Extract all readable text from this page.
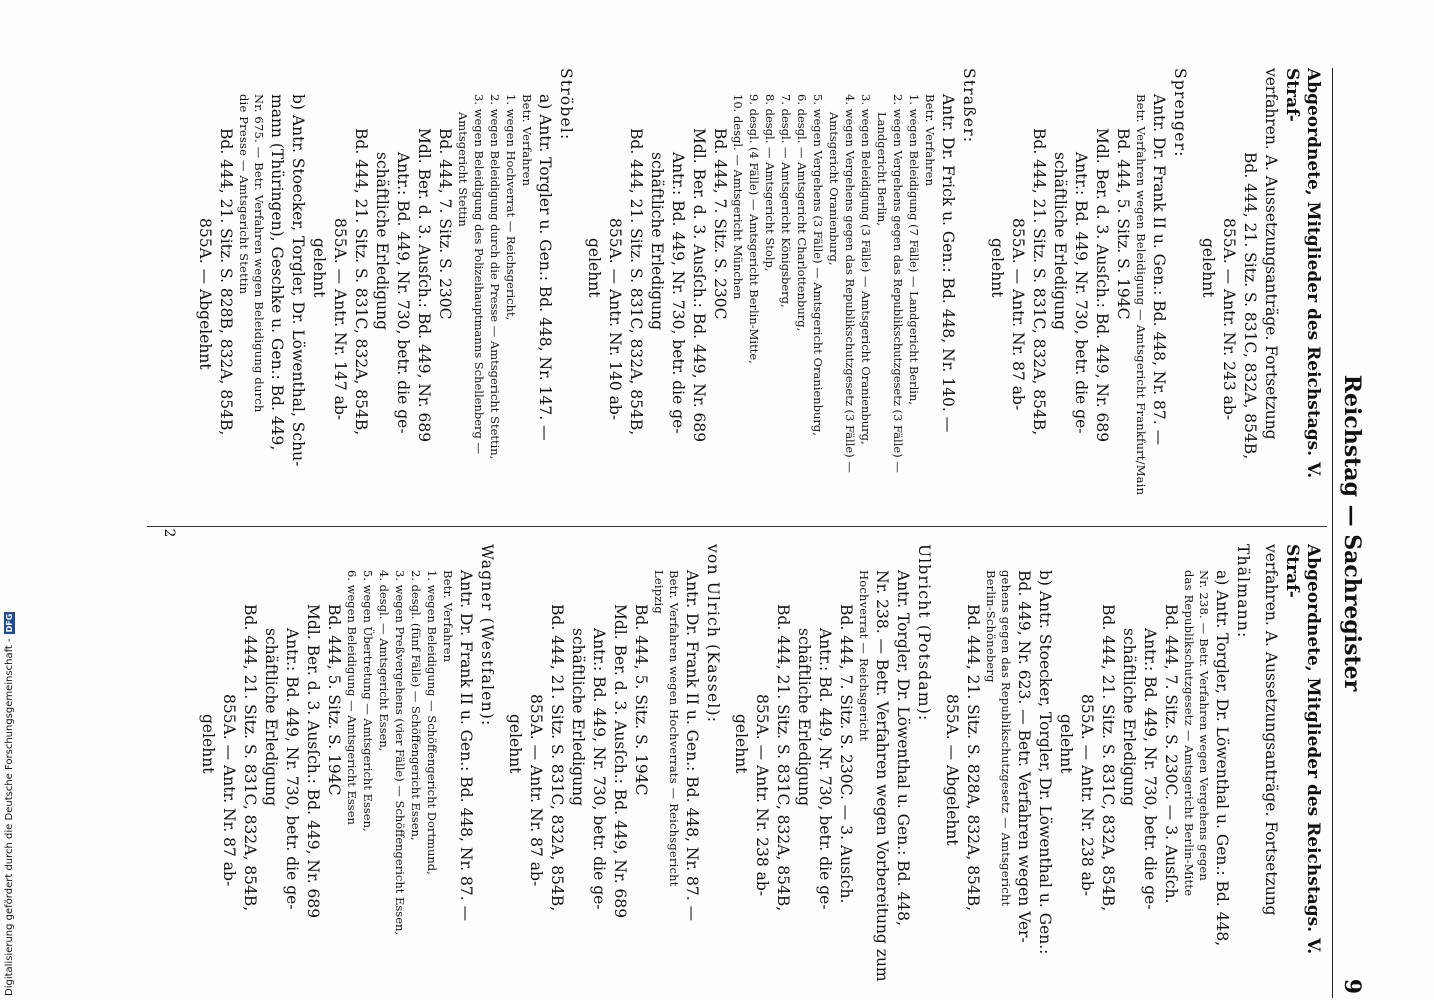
Reichstag — Sachregister
9
Abgeordnete, Mitglieder des Reichstags. V. Straf-
verfahren. A. Aussetzungsanträge. Fortsetzung
Bd. 444, 21. Sitz. S. 831C, 832A, 854B,
855A. — Antr. Nr. 243 ab-
gelehnt
Sprenger:
Antr. Dr. Frank II u. Gen.: Bd. 448, Nr. 87. —
Betr. Verfahren wegen Beleidigung — Amtsgericht Frankfurt/Main
Bd. 444, 5. Sitz. S. 194C
Mdl. Ber. d. 3. Ausſch.: Bd. 449, Nr. 689
Antr.: Bd. 449, Nr. 730, betr. die ge-
schäftliche Erledigung
Bd. 444, 21. Sitz. S. 831C, 832A, 854B,
855A. — Antr. Nr. 87 ab-
gelehnt
Straßer:
Antr. Dr. Frick u. Gen.: Bd. 448, Nr. 140. —
Betr. Verfahren
1. wegen Beleidigung (7 Fälle) — Landgericht Berlin,
2. wegen Vergehens gegen das Republikschutzgesetz (3 Fälle) — Landgericht Berlin,
3. wegen Beleidigung (3 Fälle) — Amtsgericht Oranienburg,
4. wegen Vergehens gegen das Republikschutzgesetz (3 Fälle) — Amtsgericht Oranienburg,
5. wegen Vergehens (3 Fälle) — Amtsgericht Oranienburg,
6. desgl. — Amtsgericht Charlottenburg,
7. desgl. — Amtsgericht Königsberg,
8. desgl. — Amtsgericht Stolp,
9. desgl. (4 Fälle) — Amtsgericht Berlin-Mitte,
10. desgl. — Amtsgericht München
Bd. 444, 7. Sitz. S. 230C
Mdl. Ber. d. 3. Ausſch.: Bd. 449, Nr. 689
Antr.: Bd. 449, Nr. 730, betr. die ge-
schäftliche Erledigung
Bd. 444, 21. Sitz. S. 831C, 832A, 854B,
855A. — Antr. Nr. 140 ab-
gelehnt
Ströbel:
a) Antr. Torgler u. Gen.: Bd. 448, Nr. 147. —
Betr. Verfahren
1. wegen Hochverrat — Reichsgericht,
2. wegen Beleidigung durch die Presse — Amtsgericht Stettin,
3. wegen Beleidigung des Polizeihauptmanns Schellenberg — Amtsgericht Stettin
Bd. 444, 7. Sitz. S. 230C
Mdl. Ber. d. 3. Ausſch.: Bd. 449, Nr. 689
Antr.: Bd. 449, Nr. 730, betr. die ge-
schäftliche Erledigung
Bd. 444, 21. Sitz. S. 831C, 832A, 854B,
855A. — Antr. Nr. 147 ab-
gelehnt
b) Antr. Stoecker, Torgler, Dr. Löwenthal, Schu-
mann (Thüringen), Geschke u. Gen.: Bd. 449,
Nr. 675. — Betr. Verfahren wegen Beleidigung durch
die Presse — Amtsgericht Stettin
Bd. 444, 21. Sitz. S. 828B, 832A, 854B,
855A. — Abgelehnt
Abgeordnete, Mitglieder des Reichstags. V. Straf-
verfahren. A. Aussetzungsanträge. Fortsetzung
Thälmann:
a) Antr. Torgler, Dr. Löwenthal u. Gen.: Bd. 448,
Nr. 238. — Betr. Verfahren wegen Vergehens gegen
das Republikschutzgesetz — Amtsgericht Berlin-Mitte
Bd. 444, 7. Sitz. S. 230C. — 3. Ausſch.
Antr.: Bd. 449, Nr. 730, betr. die ge-
schäftliche Erledigung
Bd. 444, 21. Sitz. S. 831C, 832A, 854B,
855A. — Antr. Nr. 238 ab-
gelehnt
b) Antr. Stoecker, Torgler, Dr. Löwenthal u. Gen.:
Bd. 449, Nr. 623. — Betr. Verfahren wegen Ver-
gehens gegen das Republikschutzgesetz — Amtsgericht
Berlin-Schöneberg
Bd. 444, 21. Sitz. S. 828A, 832A, 854B,
855A. — Abgelehnt
Ulbricht (Potsdam):
Antr. Torgler, Dr. Löwenthal u. Gen.: Bd. 448,
Nr. 238. — Betr. Verfahren wegen Vorbereitung zum
Hochverrat — Reichsgericht
Bd. 444, 7. Sitz. S. 230C. — 3. Ausſch.
Antr.: Bd. 449, Nr. 730, betr. die ge-
schäftliche Erledigung
Bd. 444, 21. Sitz. S. 831C, 832A, 854B,
855A. — Antr. Nr. 238 ab-
gelehnt
von Ulrich (Kassel):
Antr. Dr. Frank II u. Gen.: Bd. 448, Nr. 87. —
Betr. Verfahren wegen Hochverrats — Reichsgericht
Leipzig
Bd. 444, 5. Sitz. S. 194C
Mdl. Ber. d. 3. Ausſch.: Bd. 449, Nr. 689
Antr.: Bd. 449, Nr. 730, betr. die ge-
schäftliche Erledigung
Bd. 444, 21. Sitz. S. 831C, 832A, 854B,
855A. — Antr. Nr. 87 ab-
gelehnt
Wagner (Westfalen):
Antr. Dr. Frank II u. Gen.: Bd. 448, Nr. 87. —
Betr. Verfahren
1. wegen Beleidigung — Schöffengericht Dortmund,
2. desgl. (fünf Fälle) — Schöffengericht Essen,
3. wegen Preßvergehens (vier Fälle) — Schöffengericht Essen,
4. desgl. — Amtsgericht Essen,
5. wegen Übertretung — Amtsgericht Essen,
6. wegen Beleidigung — Amtsgericht Essen
Bd. 444, 5. Sitz. S. 194C
Mdl. Ber. d. 3. Ausſch.: Bd. 449, Nr. 689
Antr.: Bd. 449, Nr. 730, betr. die ge-
schäftliche Erledigung
Bd. 444, 21. Sitz. S. 831C, 832A, 854B,
855A. — Antr. Nr. 87 ab-
gelehnt
2
Digitalisierung gefördert durch die Deutsche Forschungsgemeinschaft -
DFG
